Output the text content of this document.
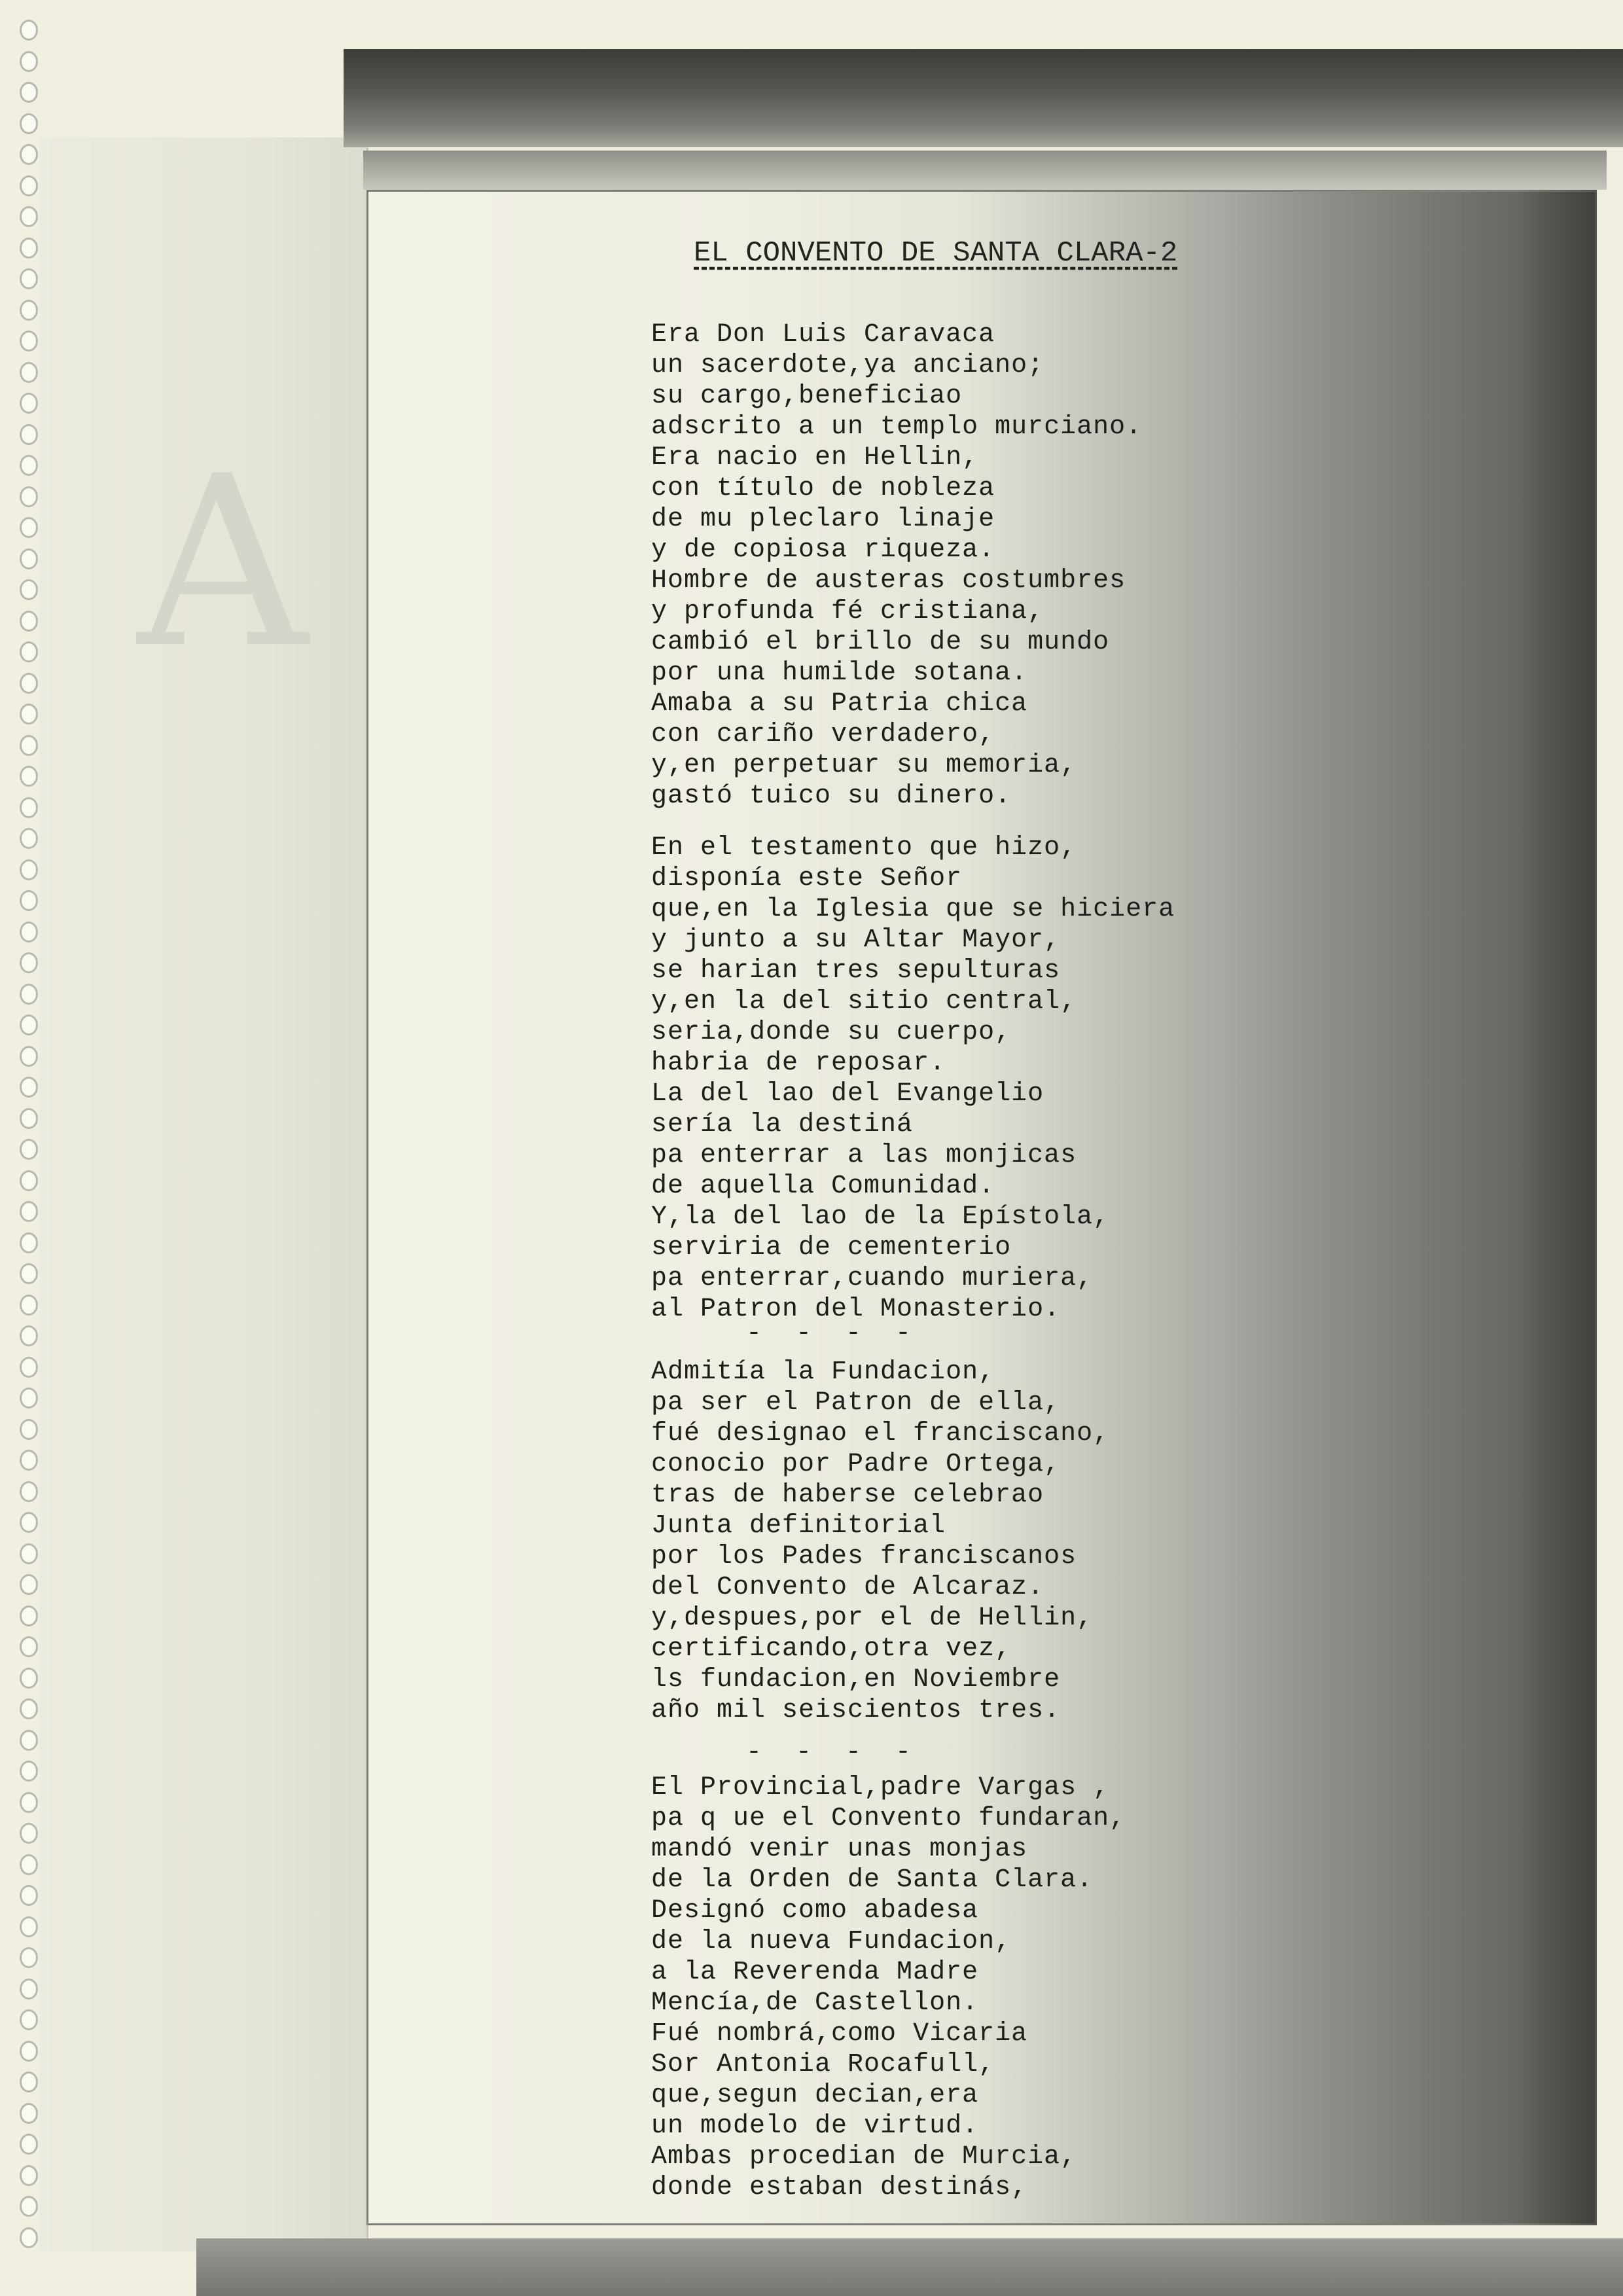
A
EL CONVENTO DE SANTA CLARA-2
Era Don Luis Caravaca
un sacerdote,ya anciano;
su cargo,beneficiao
adscrito a un templo murciano.
Era nacio en Hellin,
con título de nobleza
de mu pleclaro linaje
y de copiosa riqueza.
Hombre de austeras costumbres
y profunda fé cristiana,
cambió el brillo de su mundo
por una humilde sotana.
Amaba a su Patria chica
con cariño verdadero,
y,en perpetuar su memoria,
gastó tuico su dinero.
En el testamento que hizo,
disponía este Señor
que,en la Iglesia que se hiciera
y junto a su Altar Mayor,
se harian tres sepulturas
y,en la del sitio central,
seria,donde su cuerpo,
habria de reposar.
La del lao del Evangelio
sería la destiná
pa enterrar a las monjicas
de aquella Comunidad.
Y,la del lao de la Epístola,
serviria de cementerio
pa enterrar,cuando muriera,
al Patron del Monasterio.
- - - -
Admitía la Fundacion,
pa ser el Patron de ella,
fué designao el franciscano,
conocio por Padre Ortega,
tras de haberse celebrao
Junta definitorial
por los Pades franciscanos
del Convento de Alcaraz.
y,despues,por el de Hellin,
certificando,otra vez,
ls fundacion,en Noviembre
año mil seiscientos tres.
- - - -
El Provincial,padre Vargas ,
pa q ue el Convento fundaran,
mandó venir unas monjas
de la Orden de Santa Clara.
Designó como abadesa
de la nueva Fundacion,
a la Reverenda Madre
Mencía,de Castellon.
Fué nombrá,como Vicaria
Sor Antonia Rocafull,
que,segun decian,era
un modelo de virtud.
Ambas procedian de Murcia,
donde estaban destinás,
